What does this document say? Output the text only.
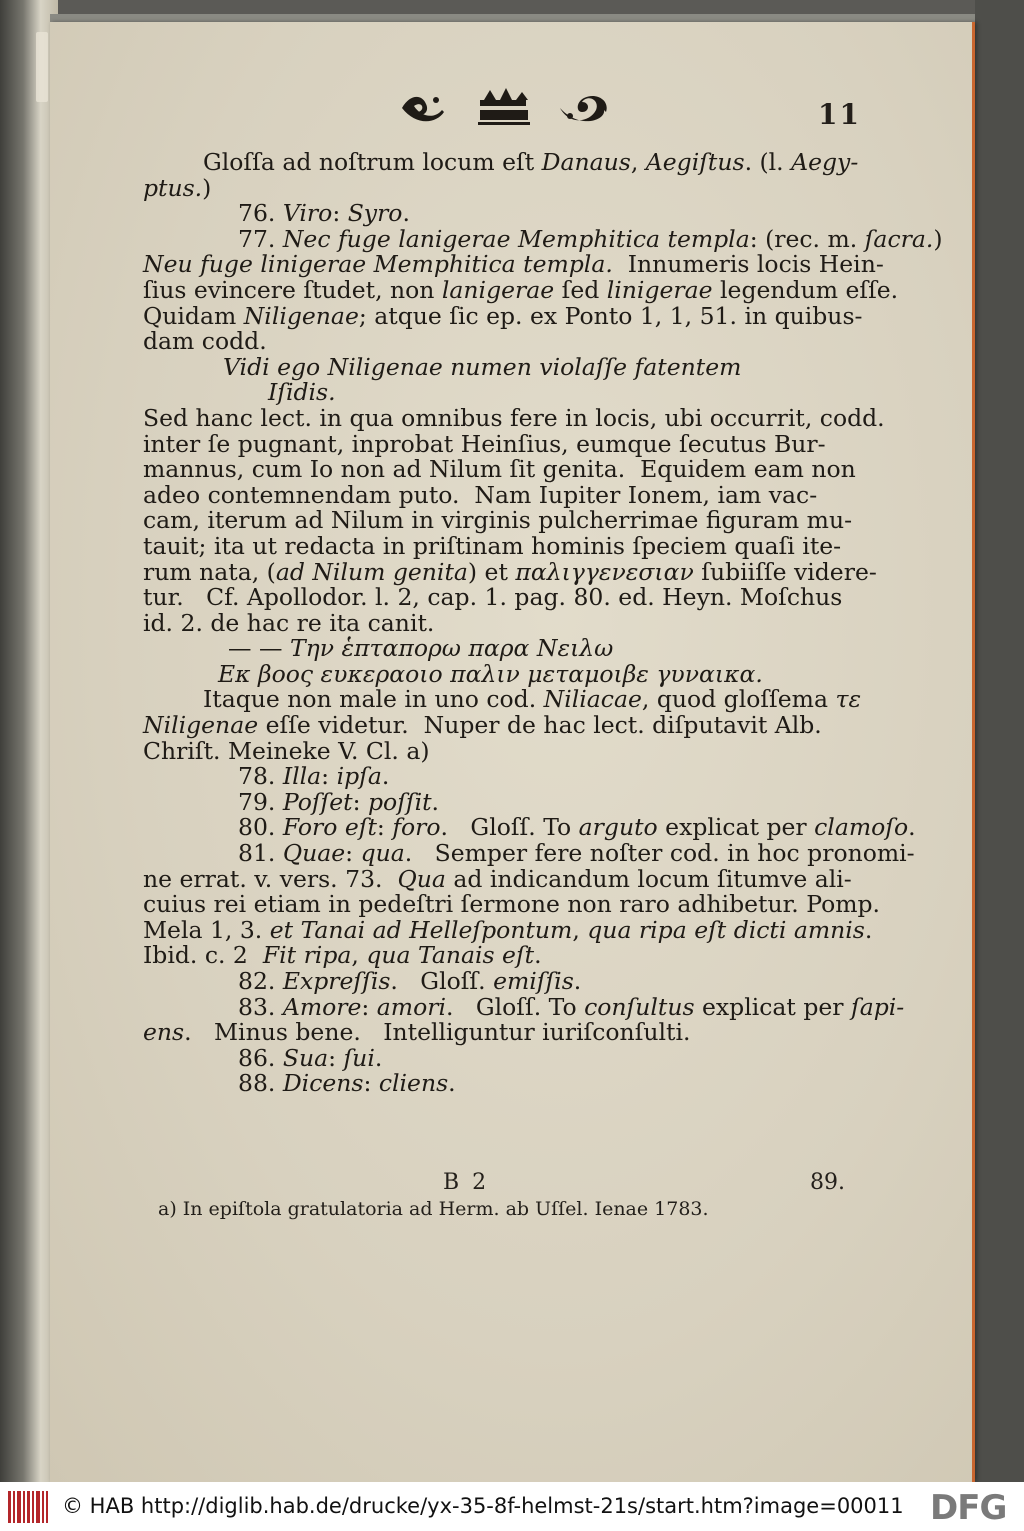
11
Gloſſa ad noſtrum locum eſt Danaus, Aegiſtus. (l. Aegy-
ptus.)
76. Viro: Syro.
77. Nec fuge lanigerae Memphitica templa: (rec. m. ſacra.)
Neu fuge linigerae Memphitica templa.  Innumeris locis Hein-
ſius evincere ſtudet, non lanigerae ſed linigerae legendum eſſe.
Quidam Niligenae; atque ſic ep. ex Ponto 1, 1, 51. in quibus-
dam codd.
Vidi ego Niligenae numen violaſſe fatentem
Iſidis.
Sed hanc lect. in qua omnibus fere in locis, ubi occurrit, codd.
inter ſe pugnant, inprobat Heinſius, eumque ſecutus Bur-
mannus, cum Io non ad Nilum ſit genita.  Equidem eam non
adeo contemnendam puto.  Nam Iupiter Ionem, iam vac-
cam, iterum ad Nilum in virginis pulcherrimae figuram mu-
tauit; ita ut redacta in priſtinam hominis ſpeciem quaſi ite-
rum nata, (ad Nilum genita) et παλιγγενεσιαν ſubiiſſe videre-
tur.   Cf. Apollodor. l. 2, cap. 1. pag. 80. ed. Heyn. Moſchus
id. 2. de hac re ita canit.
— — Την ἑπταπορω παρα Νειλω
Εκ βοος ευκεραοιο παλιν μεταμοιβε γυναικα.
Itaque non male in uno cod. Niliacae, quod gloſſema τε
Niligenae eſſe videtur.  Nuper de hac lect. diſputavit Alb.
Chriſt. Meineke V. Cl. a)
78. Illa: ipſa.
79. Poſſet: poſſit.
80. Foro eſt: foro.   Gloſſ. To arguto explicat per clamoſo.
81. Quae: qua.   Semper fere noſter cod. in hoc pronomi-
ne errat. v. vers. 73.  Qua ad indicandum locum ſitumve ali-
cuius rei etiam in pedeſtri ſermone non raro adhibetur. Pomp.
Mela 1, 3. et Tanai ad Helleſpontum, qua ripa eſt dicti amnis
Ibid. c. 2  Fit ripa, qua Tanais eſt.
82. Expreſſis.   Gloſſ. emiſſis.
83. Amore: amori.   Gloſſ. To conſultus explicat per ſapi-
ens.   Minus bene.   Intelliguntur iuriſconſulti.
86. Sua: ſui.
88. Dicens: cliens.
B 2	89.
a) In epiſtola gratulatoria ad Herm. ab Uſſel. Ienae 1783.
© HAB http://diglib.hab.de/drucke/yx-35-8f-helmst-21s/start.htm?image=00011 DFG
